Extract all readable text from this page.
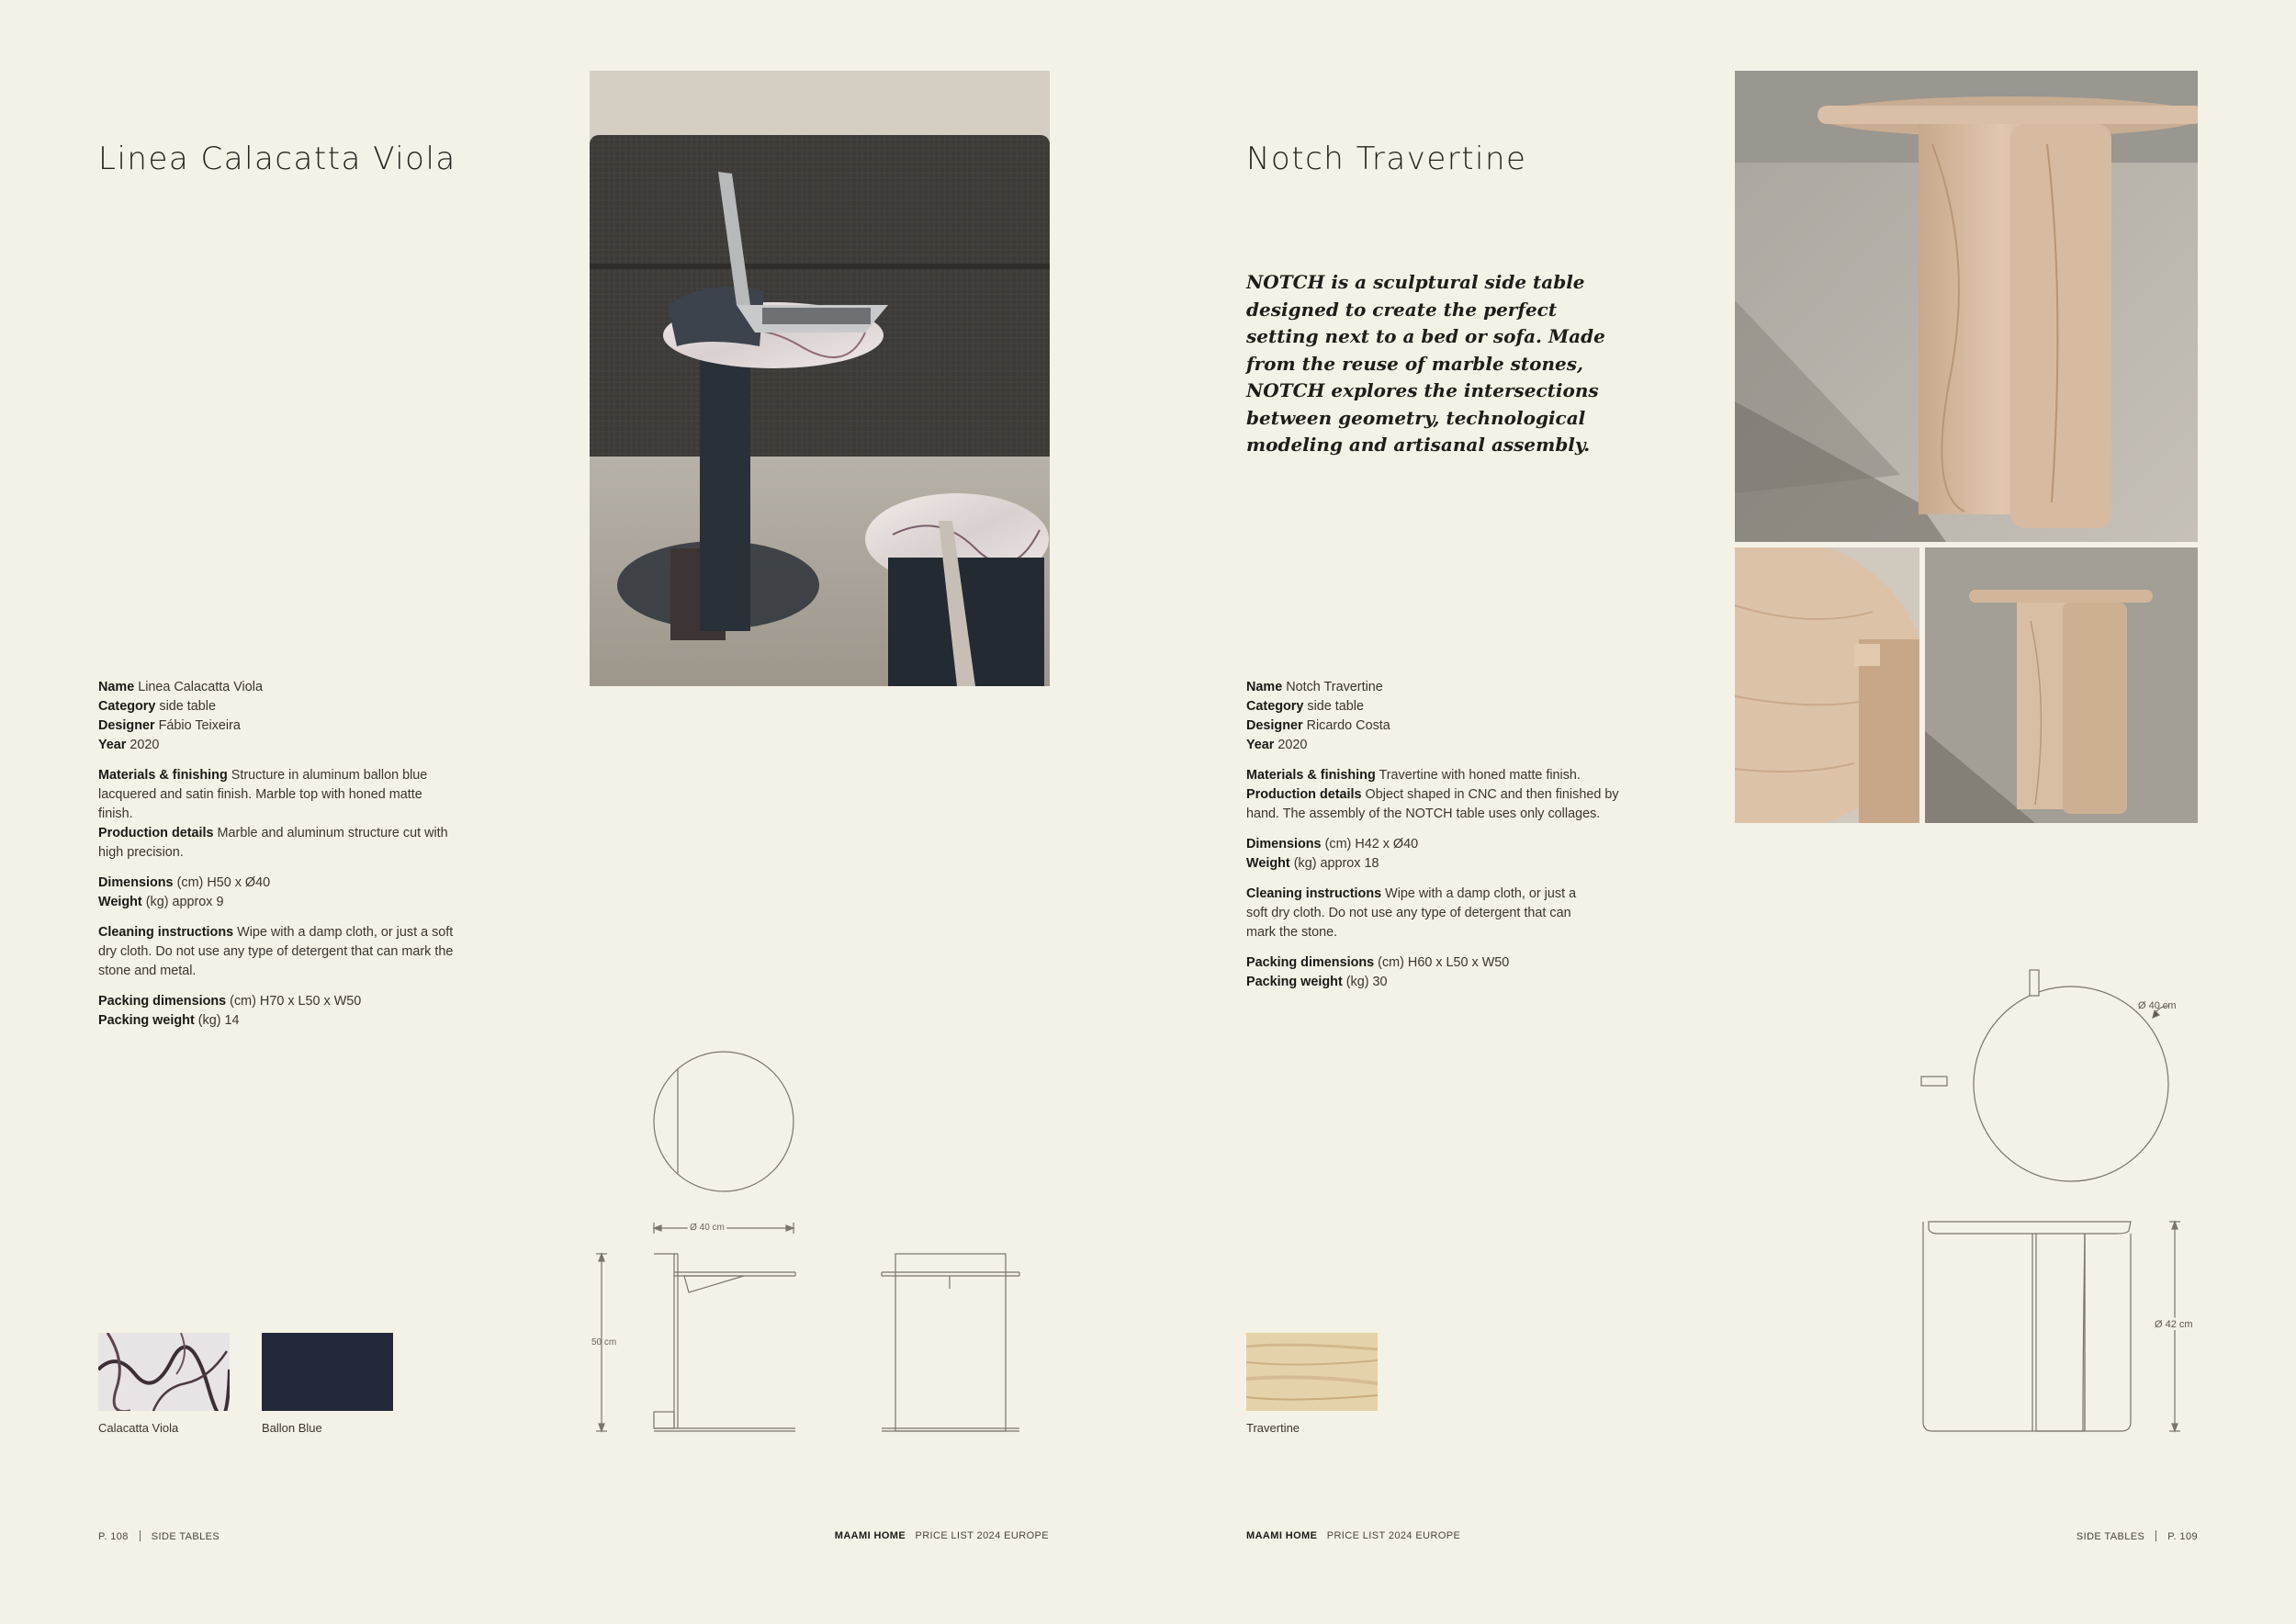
Linea Calacatta Viola

Name Linea Calacatta Viola

Category side table

Designer Fábio Teixeira

Year 2020

Materials & finishing Structure in aluminum ballon blue lacquered and satin finish. Marble top with honed matte finish.

Production details Marble and aluminum structure cut with high precision.

Dimensions (cm) H50 x Ø40

Weight (kg) approx 9

Cleaning instructions Wipe with a damp cloth, or just a soft dry cloth. Do not use any type of detergent that can mark the stone and metal.

Packing dimensions (cm) H70 x L50 x W50

Packing weight (kg) 14

Ø 40 cm
50 cm
Calacatta Viola	Ballon Blue
P. 108 SIDE TABLES	MAAMI HOME PRICE LIST 2024 EUROPE
Notch Travertine
NOTCH is a sculptural side table designed to create the perfect setting next to a bed or sofa. Made from the reuse of marble stones, NOTCH explores the intersections between geometry, technological modeling and artisanal assembly.

Name Notch Travertine

Category side table

Designer Ricardo Costa

Year 2020

Materials & finishing Travertine with honed matte finish.

Production details Object shaped in CNC and then finished by hand. The assembly of the NOTCH table uses only collages.

Dimensions (cm) H42 x Ø40

Weight (kg) approx 18

Cleaning instructions Wipe with a damp cloth, or just a soft dry cloth. Do not use any type of detergent that can mark the stone.

Packing dimensions (cm) H60 x L50 x W50

Packing weight (kg) 30

Ø 40 cm
Ø 42 cm
Travertine
MAAMI HOME PRICE LIST 2024 EUROPE	SIDE TABLES P. 109
